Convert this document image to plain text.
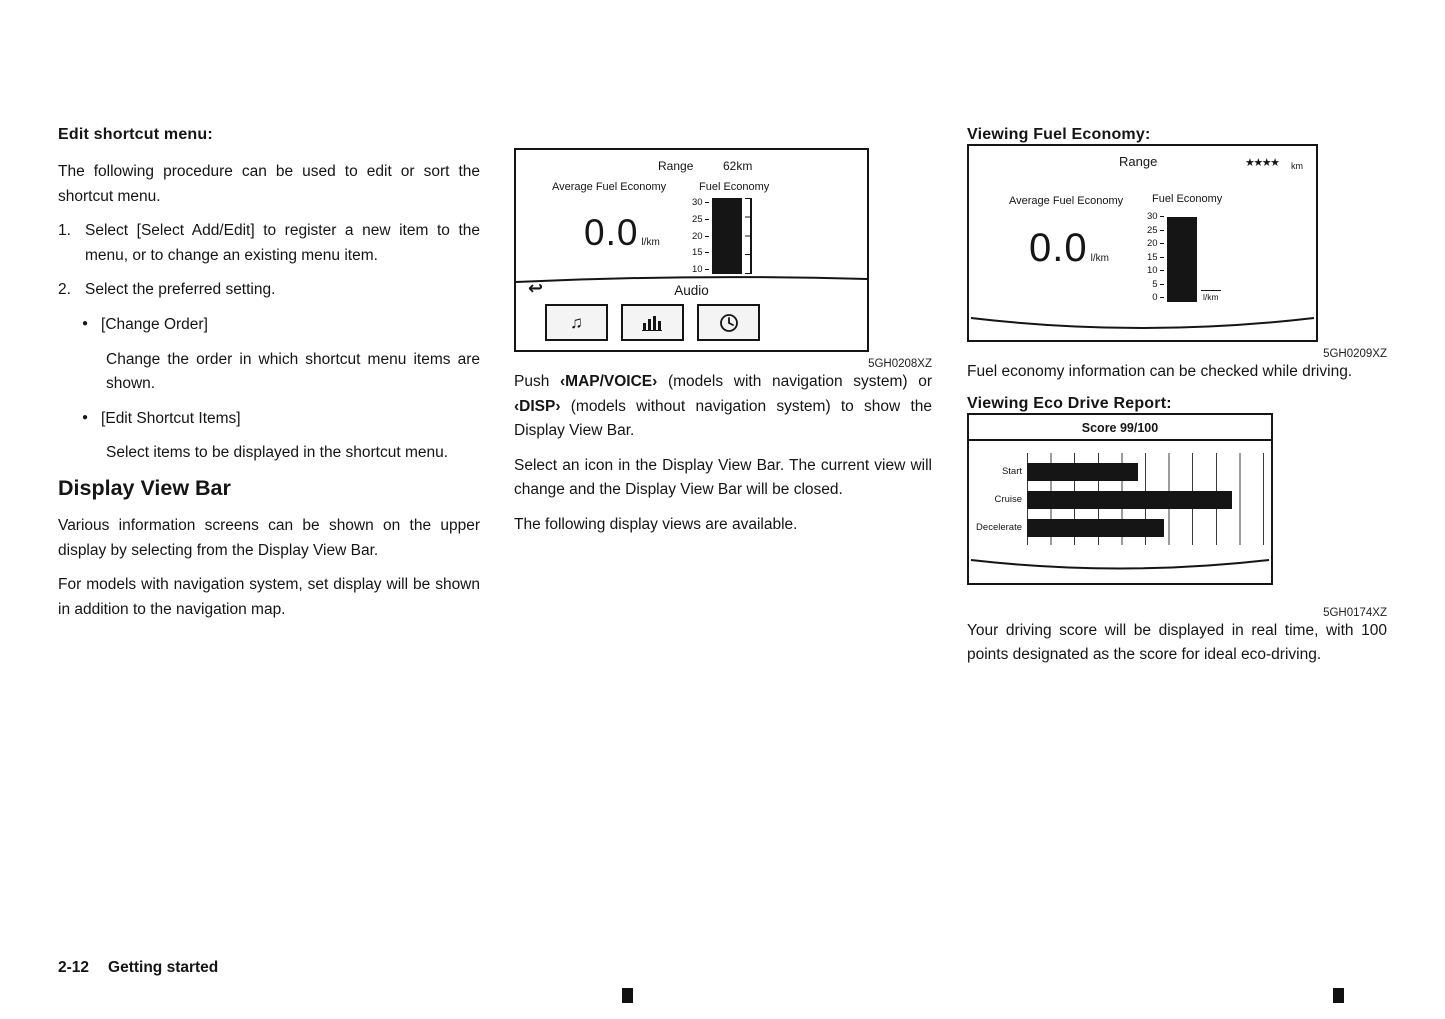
Edit shortcut menu:

The following procedure can be used to edit or sort the shortcut menu.

1. Select [Select Add/Edit] to register a new item to the menu, or to change an existing menu item.
2. Select the preferred setting.
● [Change Order]

Change the order in which shortcut menu items are shown.

● [Edit Shortcut Items]

Select items to be displayed in the shortcut menu.

Display View Bar

Various information screens can be shown on the upper display by selecting from the Display View Bar.

For models with navigation system, set display will be shown in addition to the navigation map.

Range 62km
Average Fuel Economy	Fuel Economy
0.0 l/km
30
25
20
15
10
↩	Audio
♫
5GH0208XZ

Push ‹MAP/VOICE› (models with navigation system) or ‹DISP› (models without navigation system) to show the Display View Bar.

Select an icon in the Display View Bar. The current view will change and the Display View Bar will be closed.

The following display views are available.

Viewing Fuel Economy:
Range	★★★★ km
Average Fuel Economy	Fuel Economy
0.0 l/km
30
25
20
15
10
5
0	l/km
5GH0209XZ

Fuel economy information can be checked while driving.

Viewing Eco Drive Report:
Score 99/100
Start
Cruise
Decelerate
5GH0174XZ

Your driving score will be displayed in real time, with 100 points designated as the score for ideal eco-driving.

2-12 Getting started
